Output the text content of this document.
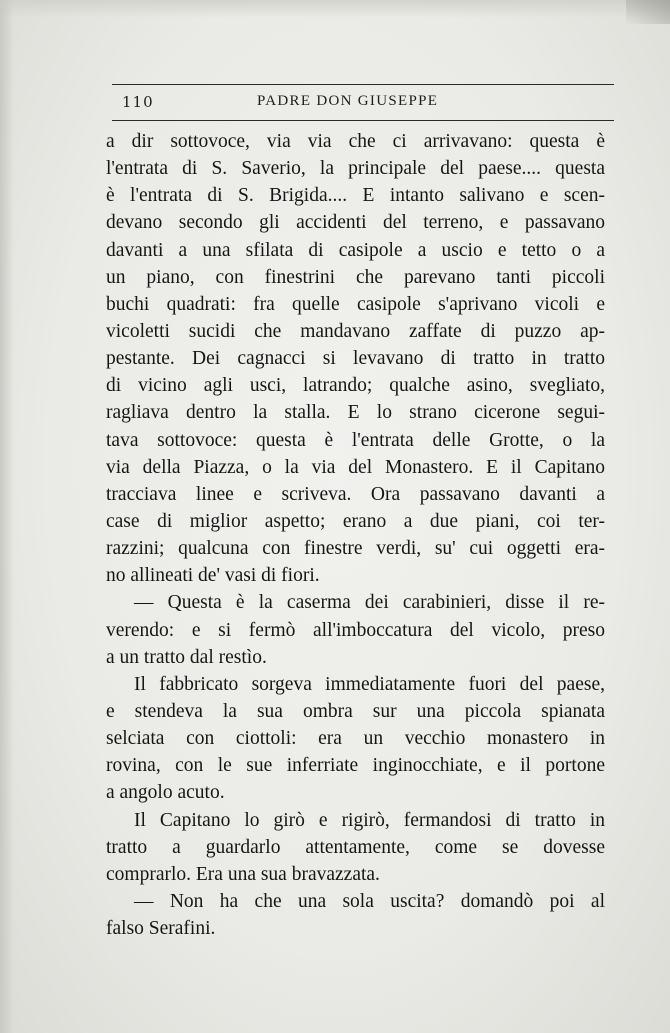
110	PADRE DON GIUSEPPE
a dir sottovoce, via via che ci arrivavano: questa è
l'entrata di S. Saverio, la principale del paese.... questa
è l'entrata di S. Brigida.... E intanto salivano e scen-
devano secondo gli accidenti del terreno, e passavano
davanti a una sfilata di casipole a uscio e tetto o a
un piano, con finestrini che parevano tanti piccoli
buchi quadrati: fra quelle casipole s'aprivano vicoli e
vicoletti sucidi che mandavano zaffate di puzzo ap-
pestante. Dei cagnacci si levavano di tratto in tratto
di vicino agli usci, latrando; qualche asino, svegliato,
ragliava dentro la stalla. E lo strano cicerone segui-
tava sottovoce: questa è l'entrata delle Grotte, o la
via della Piazza, o la via del Monastero. E il Capitano
tracciava linee e scriveva. Ora passavano davanti a
case di miglior aspetto; erano a due piani, coi ter-
razzini; qualcuna con finestre verdi, su' cui oggetti era-
no allineati de' vasi di fiori.
— Questa è la caserma dei carabinieri, disse il re-
verendo: e si fermò all'imboccatura del vicolo, preso
a un tratto dal restìo.
Il fabbricato sorgeva immediatamente fuori del paese,
e stendeva la sua ombra sur una piccola spianata
selciata con ciottoli: era un vecchio monastero in
rovina, con le sue inferriate inginocchiate, e il portone
a angolo acuto.
Il Capitano lo girò e rigirò, fermandosi di tratto in
tratto a guardarlo attentamente, come se dovesse
comprarlo. Era una sua bravazzata.
— Non ha che una sola uscita? domandò poi al
falso Serafini.
